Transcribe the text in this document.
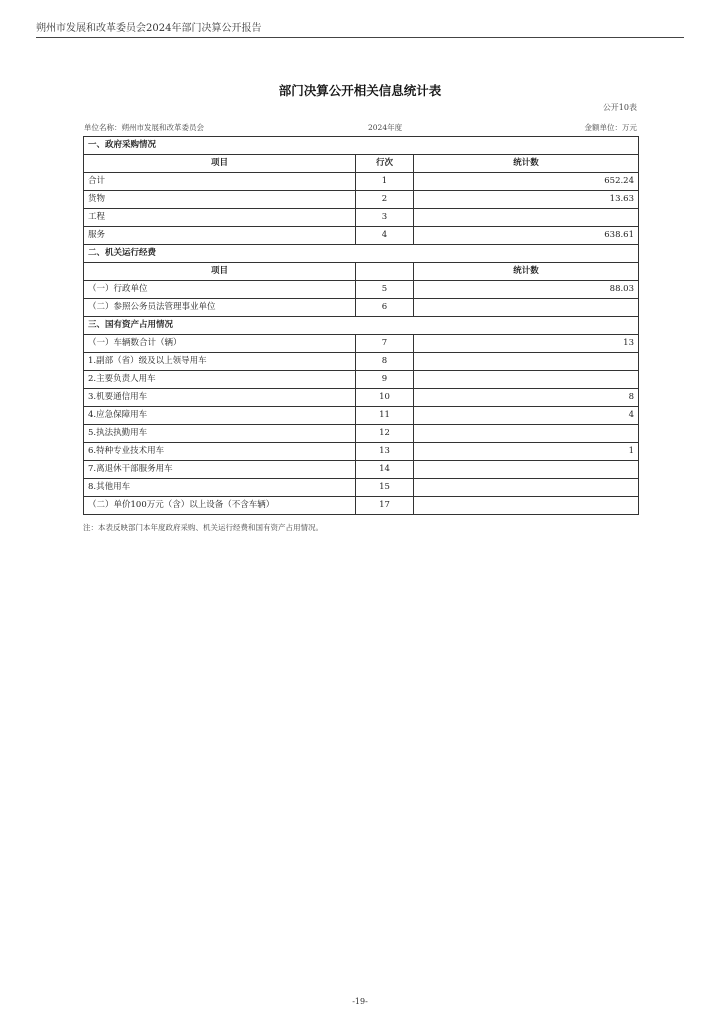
朔州市发展和改革委员会2024年部门决算公开报告
部门决算公开相关信息统计表
公开10表
单位名称：朔州市发展和改革委员会	2024年度	金额单位：万元
一、政府采购情况		
项目	行次	统计数
合计	1	652.24
货物	2	13.63
工程	3	
服务	4	638.61
二、机关运行经费		
项目		统计数
（一）行政单位	5	88.03
（二）参照公务员法管理事业单位	6	
三、国有资产占用情况		
（一）车辆数合计（辆）	7	13
1.副部（省）级及以上领导用车	8	
2.主要负责人用车	9	
3.机要通信用车	10	8
4.应急保障用车	11	4
5.执法执勤用车	12	
6.特种专业技术用车	13	1
7.离退休干部服务用车	14	
8.其他用车	15	
（二）单价100万元（含）以上设备（不含车辆）	17	
注：本表反映部门本年度政府采购、机关运行经费和国有资产占用情况。
-19-
